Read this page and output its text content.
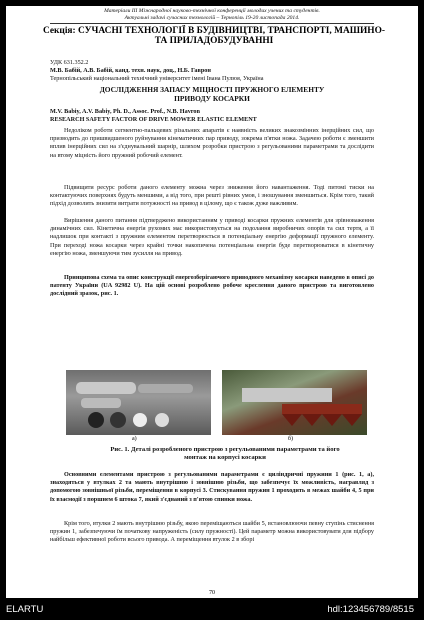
Матеріали ІІІ Міжнародної науково-технічної конференції молодих учених та студентів.
Актуальні задачі сучасних технологій – Тернопіль 19-20 листопада 2014.
Секція: СУЧАСНІ ТЕХНОЛОГІЇ В БУДІВНИЦТВІ, ТРАНСПОРТІ, МАШИНО- ТА ПРИЛАДОБУДУВАННІ
УДК 631.352.2
М.В. Бабій, А.В. Бабій, канд. техн. наук, доц., Н.Б. Гаврон
Тернопільський національний технічний університет імені Івана Пулюя, Україна
ДОСЛІДЖЕННЯ ЗАПАСУ МІЦНОСТІ ПРУЖНОГО ЕЛЕМЕНТУ ПРИВОДУ КОСАРКИ
M.V. Babiy, A.V. Babiy, Ph. D., Assoc. Prof., N.B. Havron
RESEARCH SAFETY FACTOR OF DRIVE MOWER ELASTIC ELEMENT
Недоліком роботи сегментно-пальцевих різальних апаратів є наявність великих знакозмінних інерційних сил, що призводить до пришвидшеного руйнування кінематичних пар приводу, зокрема п'ятки ножа. Задачею роботи є зменшити вплив інерційних сил на з'єднувальний шарнір, шляхом розробки пристрою з регульованими параметрами та дослідити на втому міцність його пружний робочий елемент.
Підвищити ресурс роботи даного елементу можна через зниження його навантаження. Тоді питомі тиски на контактуючих поверхнях будуть меншими, а від того, при решті рівних умов, і зношування зменшиться. Крім того, такий підхід дозволить знизити витрати потужності на привод в цілому, що є також дуже важливим.
Вирішення даного питання підтверджено використанням у приводі косарки пружних елементів для зрівноваження динамічних сил. Кінетична енергія рухомих мас використовується на подолання виробничих опорів та сил тертя, а її надлишок при контакті з пружним елементом перетворюється в потенціальну енергію деформації пружного елементу. При переході ножа косарки через крайні точки накопичена потенціальна енергія буде перетворюватися в кінетичну енергію ножа, зменшуючи тим зусилля на привод.
Принципова схема та опис конструкції енергозберігаючого приводного механізму косарки наведено в описі до патенту України (UA 92982 U). На цій основі розроблено робоче креслення даного пристрою та виготовлено дослідний зразок, рис. 1.
а)	б)
Рис. 1. Деталі розробленого пристрою з регульованими параметрами та його монтаж на корпусі косарки
Основними елементами пристрою з регульованими параметрами є циліндричні пружини 1 (рис. 1, а), знаходяться у втулках 2 та мають внутрішню і зовнішню різьби, що забезпечує їх можливість, награвляд з допомогою зовнішньої різьби, переміщення в корпусі 3. Стискування пружин 1 проходить в межах шайби 4, 5 при їх взаємодії з поршнем 6 штока 7, який з'єднаний з п'ятою спинки ножа.
Крім того, втулки 2 мають внутрішню різьбу, якою переміщаються шайби 5, встановлюючи певну ступінь стиснення пружин 1, забезпечуючи їм початкову напруженість (силу пружності). Цей параметр можна використовувати для підбору найбільш ефективної роботи всього привода. А переміщення втулок 2 в зборі
70
ELARTU	hdl:123456789/8515
